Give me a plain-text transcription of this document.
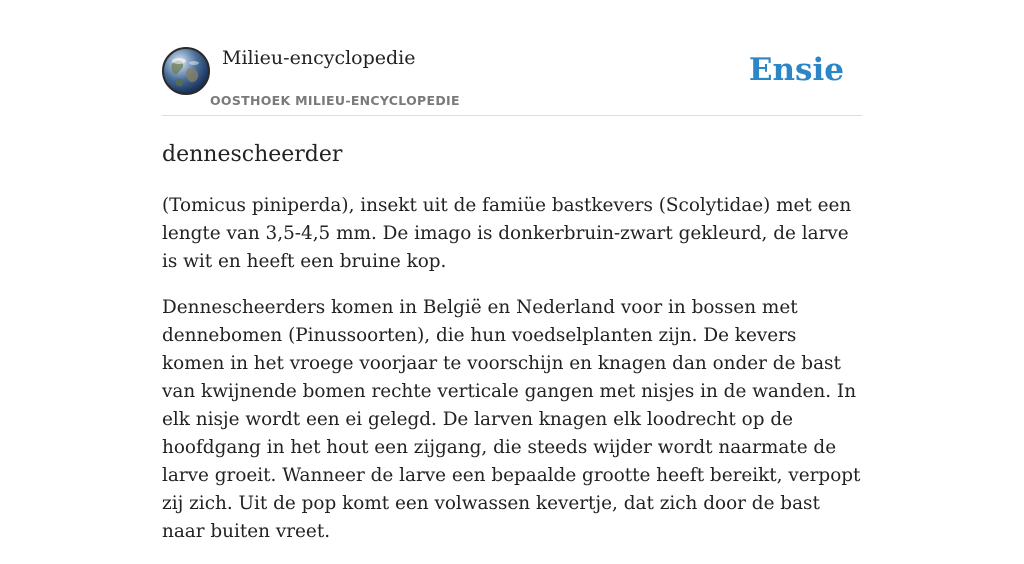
Milieu-encyclopedie
OOSTHOEK MILIEU-ENCYCLOPEDIE
Ensie
dennescheerder

(Tomicus piniperda), insekt uit de famiüe bastkevers (Scolytidae) met een lengte van 3,5-4,5 mm. De imago is donkerbruin-zwart gekleurd, de larve is wit en heeft een bruine kop.

Dennescheerders komen in België en Nederland voor in bossen met dennebomen (Pinussoorten), die hun voedselplanten zijn. De kevers komen in het vroege voorjaar te voorschijn en knagen dan onder de bast van kwijnende bomen rechte verticale gangen met nisjes in de wanden. In elk nisje wordt een ei gelegd. De larven knagen elk loodrecht op de hoofdgang in het hout een zijgang, die steeds wijder wordt naarmate de larve groeit. Wanneer de larve een bepaalde grootte heeft bereikt, verpopt zij zich. Uit de pop komt een volwassen kevertje, dat zich door de bast naar buiten vreet.
